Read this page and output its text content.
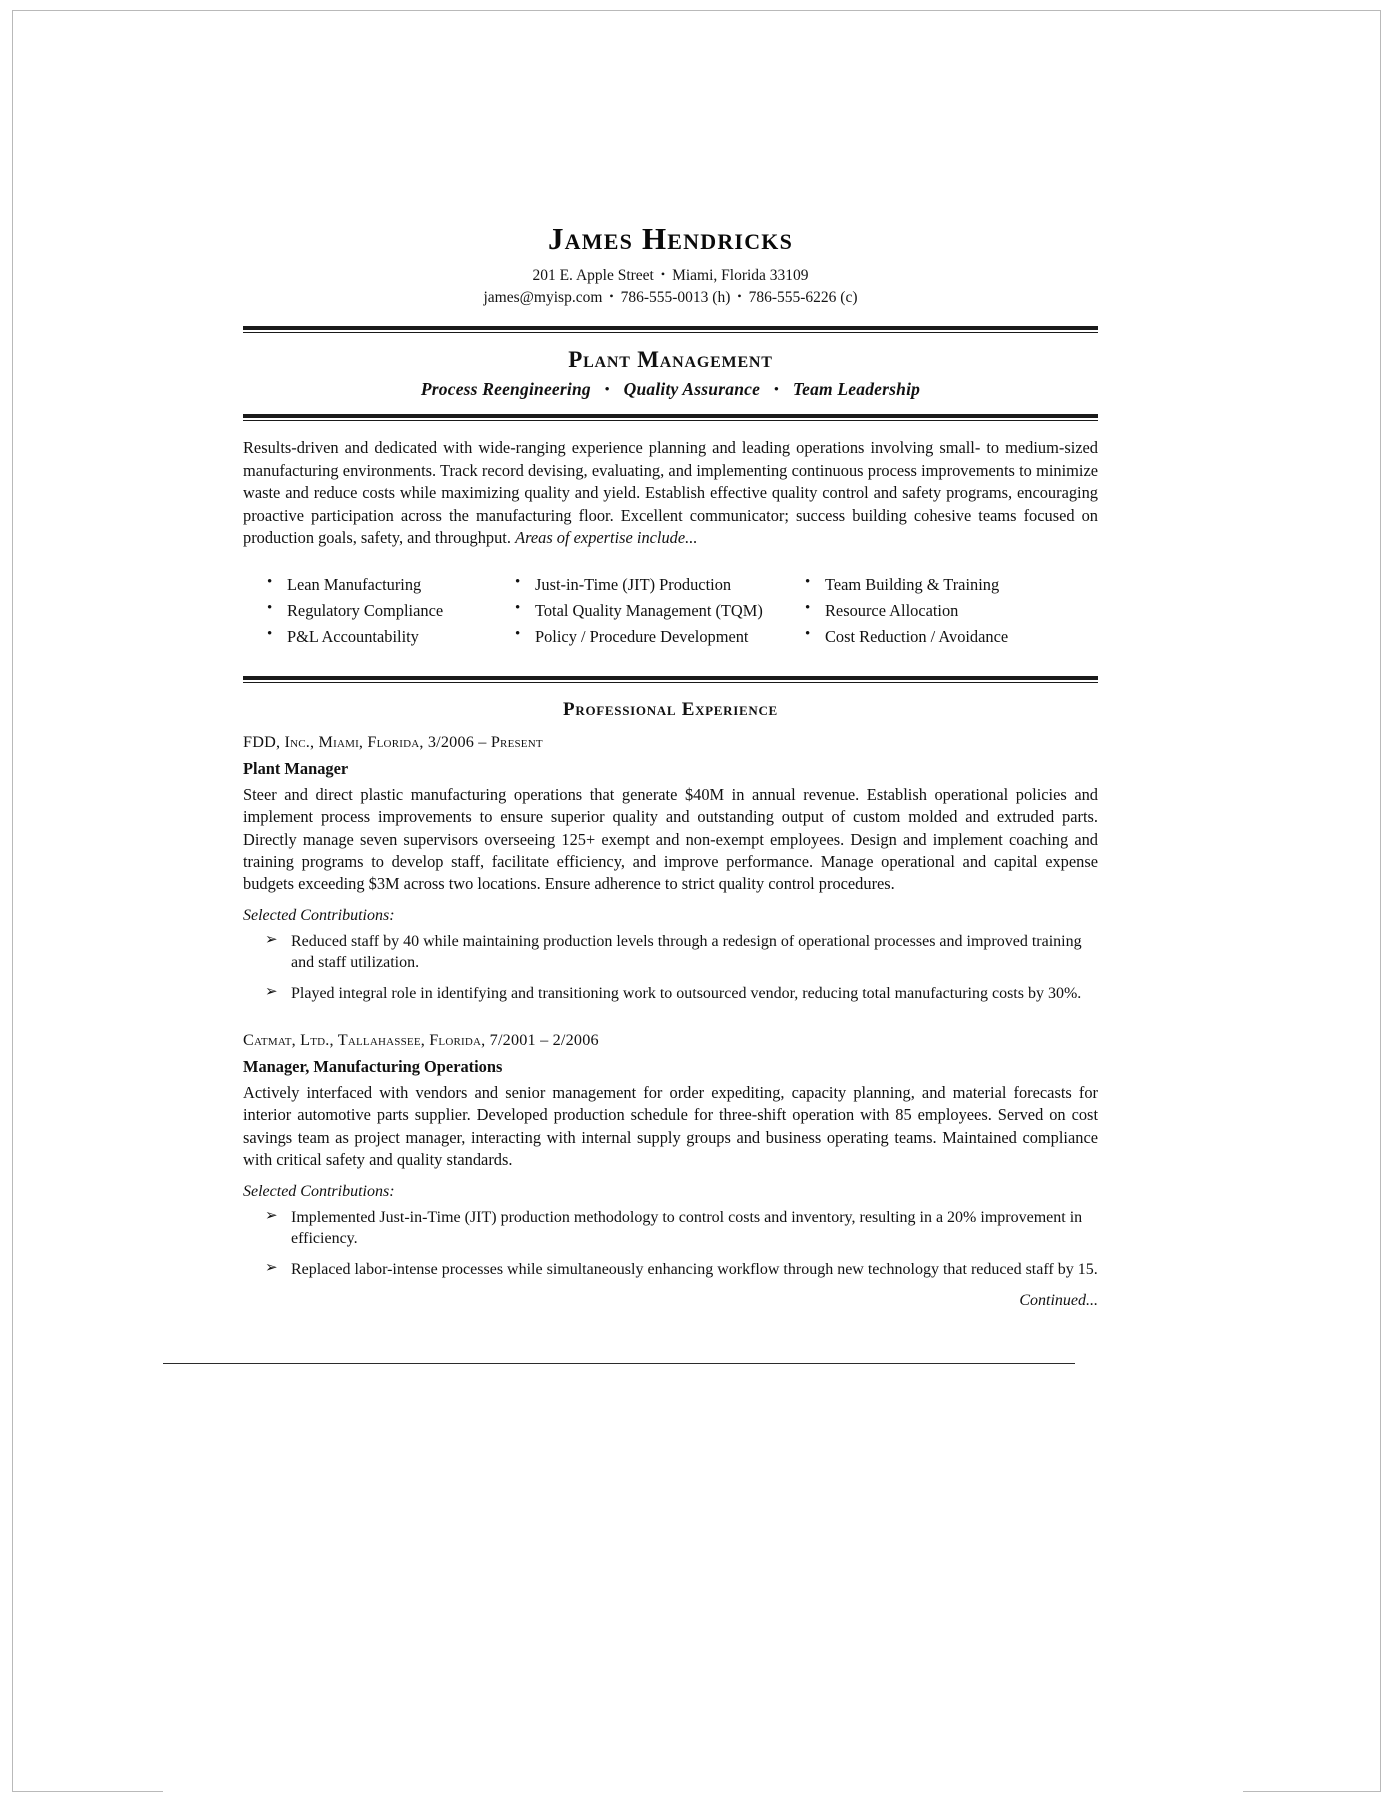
James Hendricks
201 E. Apple Street • Miami, Florida 33109
james@myisp.com • 786-555-0013 (h) • 786-555-6226 (c)
Plant Management
Process Reengineering • Quality Assurance • Team Leadership

Results-driven and dedicated with wide-ranging experience planning and leading operations involving small- to medium-sized manufacturing environments. Track record devising, evaluating, and implementing continuous process improvements to minimize waste and reduce costs while maximizing quality and yield. Establish effective quality control and safety programs, encouraging proactive participation across the manufacturing floor. Excellent communicator; success building cohesive teams focused on production goals, safety, and throughput. Areas of expertise include...

• Lean Manufacturing
• Regulatory Compliance
• P&L Accountability
• Just-in-Time (JIT) Production
• Total Quality Management (TQM)
• Policy / Procedure Development
• Team Building & Training
• Resource Allocation
• Cost Reduction / Avoidance
Professional Experience
FDD, Inc., Miami, Florida, 3/2006 – Present
Plant Manager

Steer and direct plastic manufacturing operations that generate $40M in annual revenue. Establish operational policies and implement process improvements to ensure superior quality and outstanding output of custom molded and extruded parts. Directly manage seven supervisors overseeing 125+ exempt and non-exempt employees. Design and implement coaching and training programs to develop staff, facilitate efficiency, and improve performance. Manage operational and capital expense budgets exceeding $3M across two locations. Ensure adherence to strict quality control procedures.

Selected Contributions:
➢ Reduced staff by 40 while maintaining production levels through a redesign of operational processes and improved training and staff utilization.
➢ Played integral role in identifying and transitioning work to outsourced vendor, reducing total manufacturing costs by 30%.
Catmat, Ltd., Tallahassee, Florida, 7/2001 – 2/2006
Manager, Manufacturing Operations

Actively interfaced with vendors and senior management for order expediting, capacity planning, and material forecasts for interior automotive parts supplier. Developed production schedule for three-shift operation with 85 employees. Served on cost savings team as project manager, interacting with internal supply groups and business operating teams. Maintained compliance with critical safety and quality standards.

Selected Contributions:
➢ Implemented Just-in-Time (JIT) production methodology to control costs and inventory, resulting in a 20% improvement in efficiency.
➢ Replaced labor-intense processes while simultaneously enhancing workflow through new technology that reduced staff by 15.
Continued...
